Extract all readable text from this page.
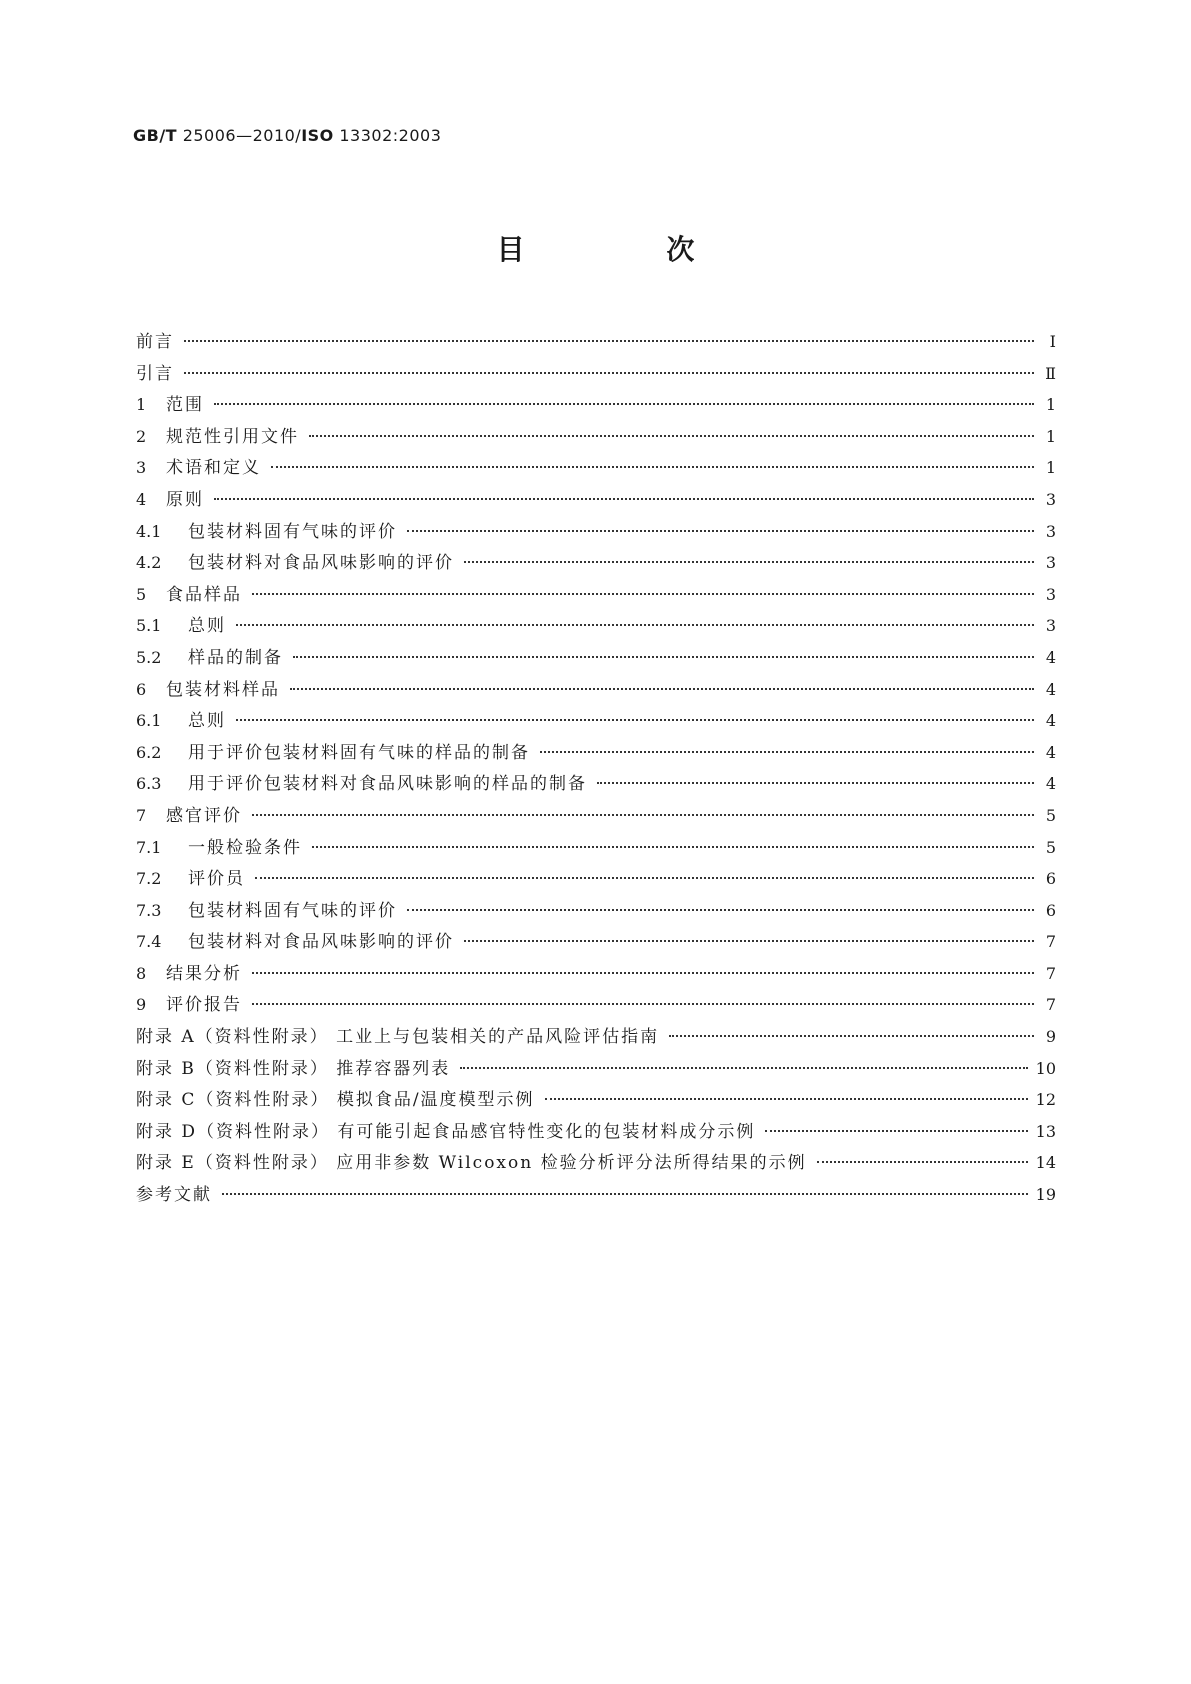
GB/T 25006—2010/ISO 13302:2003
目 次
前言	Ⅰ
引言	Ⅱ
1	范围	1
2	规范性引用文件	1
3	术语和定义	1
4	原则	3
4.1	包装材料固有气味的评价	3
4.2	包装材料对食品风味影响的评价	3
5	食品样品	3
5.1	总则	3
5.2	样品的制备	4
6	包装材料样品	4
6.1	总则	4
6.2	用于评价包装材料固有气味的样品的制备	4
6.3	用于评价包装材料对食品风味影响的样品的制备	4
7	感官评价	5
7.1	一般检验条件	5
7.2	评价员	6
7.3	包装材料固有气味的评价	6
7.4	包装材料对食品风味影响的评价	7
8	结果分析	7
9	评价报告	7
附录 A（资料性附录） 工业上与包装相关的产品风险评估指南	9
附录 B（资料性附录） 推荐容器列表	10
附录 C（资料性附录） 模拟食品/温度模型示例	12
附录 D（资料性附录） 有可能引起食品感官特性变化的包装材料成分示例	13
附录 E（资料性附录） 应用非参数 Wilcoxon 检验分析评分法所得结果的示例	14
参考文献	19
